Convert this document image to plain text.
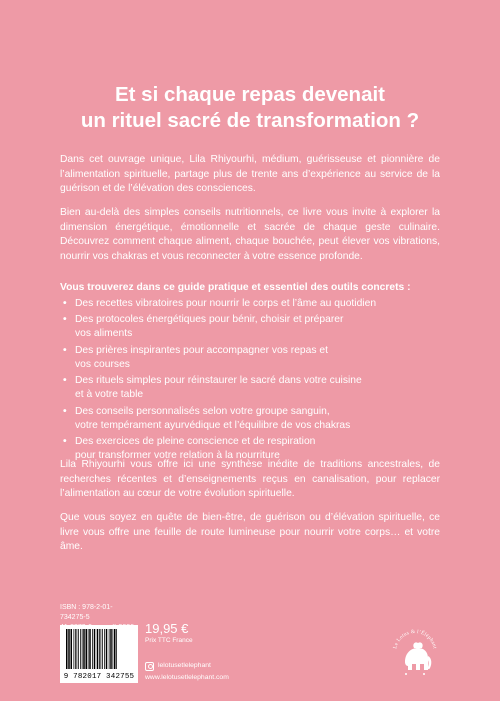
Et si chaque repas devenait
un rituel sacré de transformation ?

Dans cet ouvrage unique, Lila Rhiyourhi, médium, guérisseuse et pionnière de l’alimentation spirituelle, partage plus de trente ans d’expérience au service de la guérison et de l’élévation des consciences.

Bien au-delà des simples conseils nutritionnels, ce livre vous invite à explorer la dimension énergétique, émotionnelle et sacrée de chaque geste culinaire. Découvrez comment chaque aliment, chaque bouchée, peut élever vos vibrations, nourrir vos chakras et vous reconnecter à votre essence profonde.

Vous trouverez dans ce guide pratique et essentiel des outils concrets :
• Des recettes vibratoires pour nourrir le corps et l’âme au quotidien
• Des protocoles énergétiques pour bénir, choisir et préparer
vos aliments
• Des prières inspirantes pour accompagner vos repas et
vos courses
• Des rituels simples pour réinstaurer le sacré dans votre cuisine
et à votre table
• Des conseils personnalisés selon votre groupe sanguin,
votre tempérament ayurvédique et l’équilibre de vos chakras
• Des exercices de pleine conscience et de respiration
pour transformer votre relation à la nourriture

Lila Rhiyourhi vous offre ici une synthèse inédite de traditions ancestrales, de recherches récentes et d’enseignements reçus en canalisation, pour replacer l’alimentation au cœur de votre évolution spirituelle.

Que vous soyez en quête de bien-être, de guérison ou d’élévation spirituelle, ce livre vous offre une feuille de route lumineuse pour nourrir votre corps… et votre âme.

ISBN : 978-2-01-734275-5
9 782017 342755
19,95 €
Prix TTC France
lelotusetlelephant
www.lelotusetlelephant.com
Le Lotus & l’Éléphant
